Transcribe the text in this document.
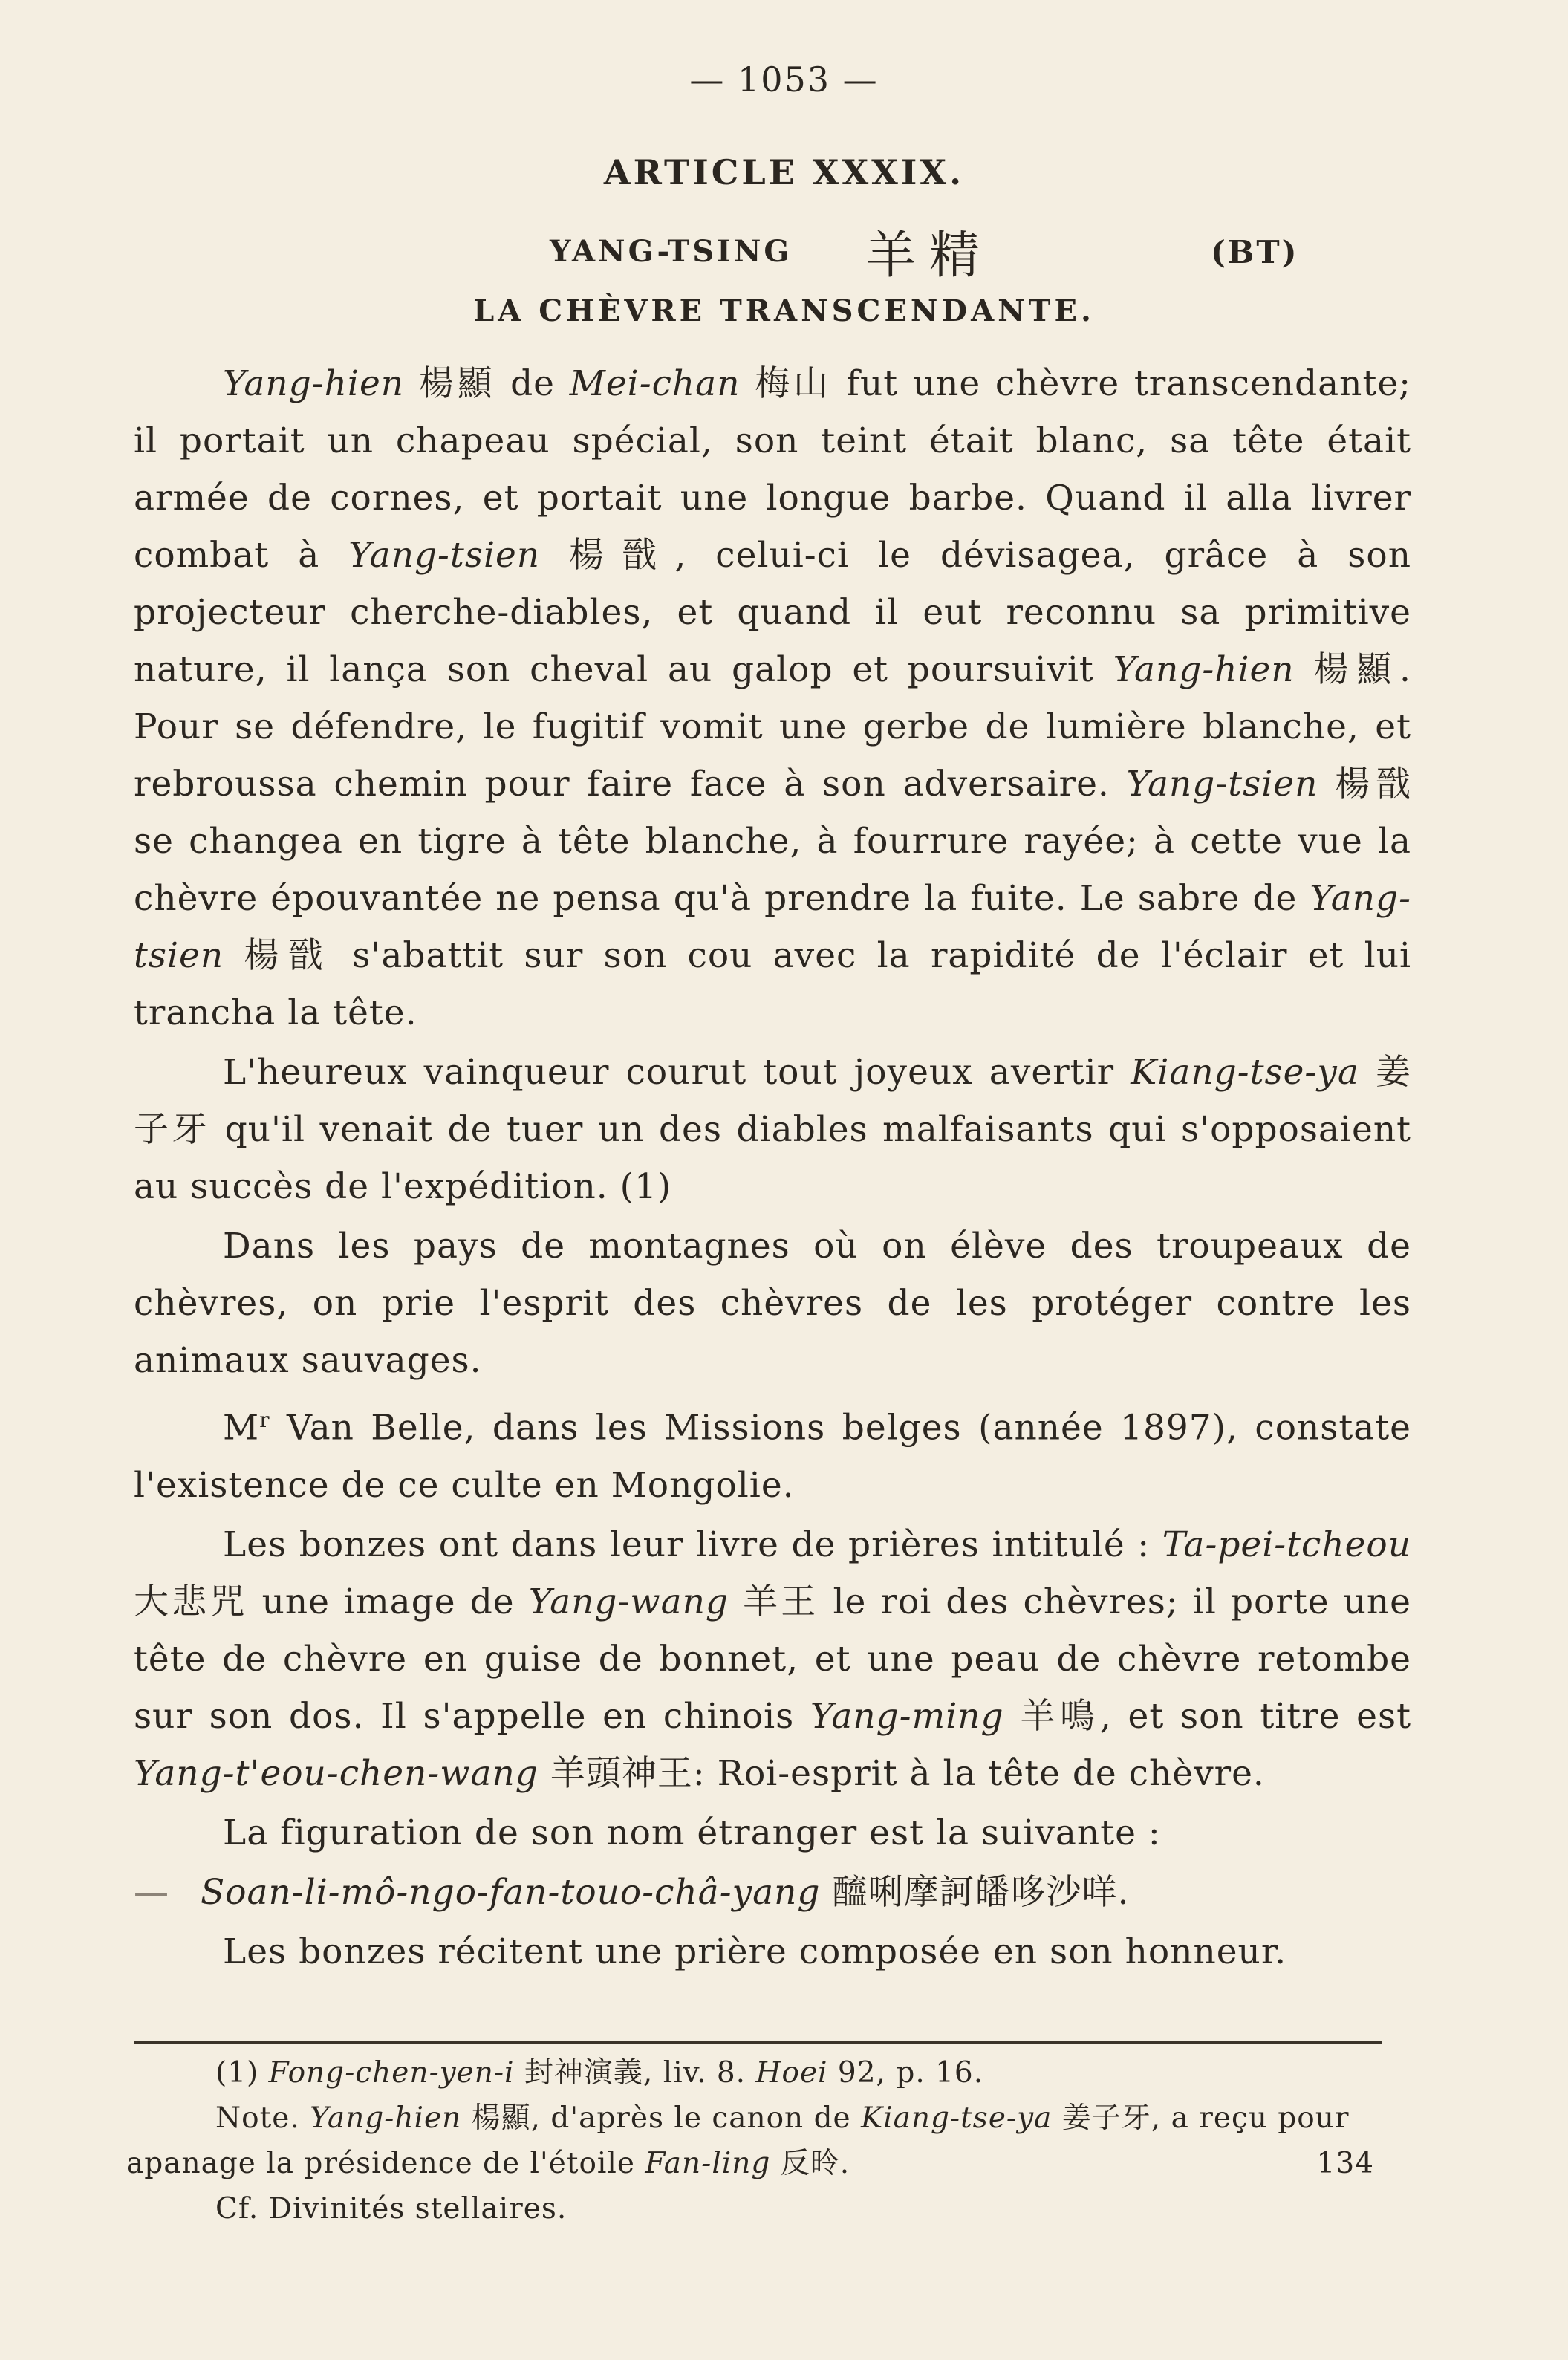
— 1053 —
ARTICLE XXXIX.
YANG-TSING 羊精	(BT)
LA CHÈVRE TRANSCENDANTE.

Yang-hien 楊顯 de Mei-chan 梅山 fut une chèvre transcendante; il portait un chapeau spécial, son teint était blanc, sa tête était armée de cornes, et portait une longue barbe. Quand il alla livrer combat à Yang-tsien 楊戩, celui-ci le dévisagea, grâce à son projecteur cherche-diables, et quand il eut reconnu sa primitive nature, il lança son cheval au galop et poursuivit Yang-hien 楊顯. Pour se défendre, le fugitif vomit une gerbe de lumière blanche, et rebroussa chemin pour faire face à son adversaire. Yang-tsien 楊戩 se changea en tigre à tête blanche, à fourrure rayée; à cette vue la chèvre épouvantée ne pensa qu'à prendre la fuite. Le sabre de Yang-tsien 楊戩 s'abattit sur son cou avec la rapidité de l'éclair et lui trancha la tête.

L'heureux vainqueur courut tout joyeux avertir Kiang-tse-ya 姜子牙 qu'il venait de tuer un des diables malfaisants qui s'opposaient au succès de l'expédition. (1)

Dans les pays de montagnes où on élève des troupeaux de chèvres, on prie l'esprit des chèvres de les protéger contre les animaux sauvages.

$M^r$ Van Belle, dans les Missions belges (année 1897), constate l'existence de ce culte en Mongolie.

Les bonzes ont dans leur livre de prières intitulé : Ta-pei-tcheou 大悲咒 une image de Yang-wang 羊王 le roi des chèvres; il porte une tête de chèvre en guise de bonnet, et une peau de chèvre retombe sur son dos. Il s'appelle en chinois Yang-ming 羊鳴, et son titre est Yang-t'eou-chen-wang 羊頭神王: Roi-esprit à la tête de chèvre.

La figuration de son nom étranger est la suivante :

— Soan-li-mô-ngo-fan-touo-châ-yang 醯唎摩訶皤哆沙咩.

Les bonzes récitent une prière composée en son honneur.

(1) Fong-chen-yen-i 封神演義, liv. 8. Hoei 92, p. 16.
Note. Yang-hien 楊顯, d'après le canon de Kiang-tse-ya 姜子牙, a reçu pour apanage la présidence de l'étoile Fan-ling 反昤.
Cf. Divinités stellaires.
134
